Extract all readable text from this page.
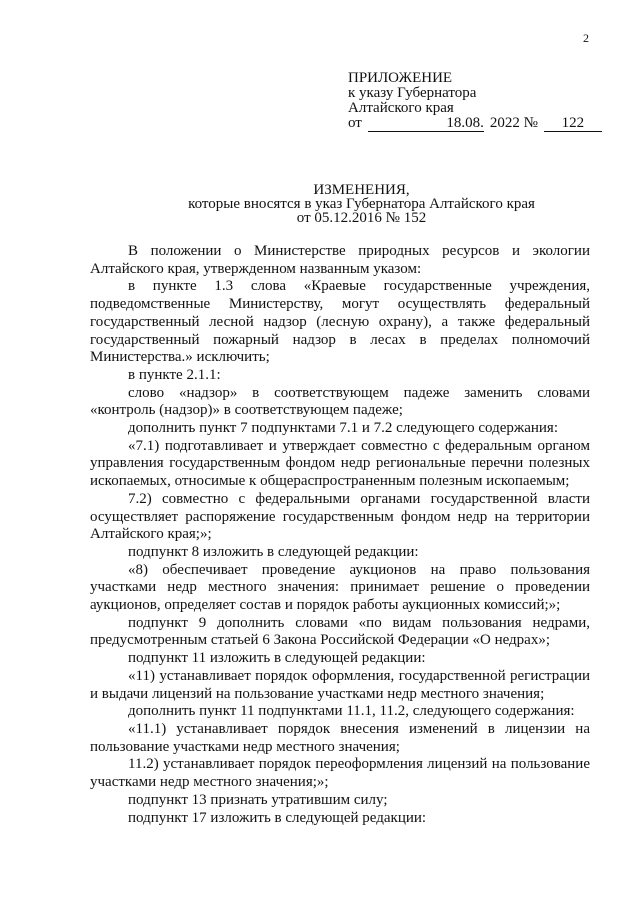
2
ПРИЛОЖЕНИЕ
к указу Губернатора
Алтайского края
от	18.08. 2022 № 122
ИЗМЕНЕНИЯ,
которые вносятся в указ Губернатора Алтайского края
от 05.12.2016 № 152

В положении о Министерстве природных ресурсов и экологии Алтайского края, утвержденном названным указом:

в пункте 1.3 слова «Краевые государственные учреждения, подведомственные Министерству, могут осуществлять федеральный государственный лесной надзор (лесную охрану), а также федеральный государственный пожарный надзор в лесах в пределах полномочий Министерства.» исключить;

в пункте 2.1.1:

слово «надзор» в соответствующем падеже заменить словами «контроль (надзор)» в соответствующем падеже;

дополнить пункт 7 подпунктами 7.1 и 7.2 следующего содержания:

«7.1) подготавливает и утверждает совместно с федеральным органом управления государственным фондом недр региональные перечни полезных ископаемых, относимые к общераспространенным полезным ископаемым;

7.2) совместно с федеральными органами государственной власти осуществляет распоряжение государственным фондом недр на территории Алтайского края;»;

подпункт 8 изложить в следующей редакции:

«8) обеспечивает проведение аукционов на право пользования участками недр местного значения: принимает решение о проведении аукционов, определяет состав и порядок работы аукционных комиссий;»;

подпункт 9 дополнить словами «по видам пользования недрами, предусмотренным статьей 6 Закона Российской Федерации «О недрах»;

подпункт 11 изложить в следующей редакции:

«11) устанавливает порядок оформления, государственной регистрации и выдачи лицензий на пользование участками недр местного значения;

дополнить пункт 11 подпунктами 11.1, 11.2, следующего содержания:

«11.1) устанавливает порядок внесения изменений в лицензии на пользование участками недр местного значения;

11.2) устанавливает порядок переоформления лицензий на пользование участками недр местного значения;»;

подпункт 13 признать утратившим силу;

подпункт 17 изложить в следующей редакции:
